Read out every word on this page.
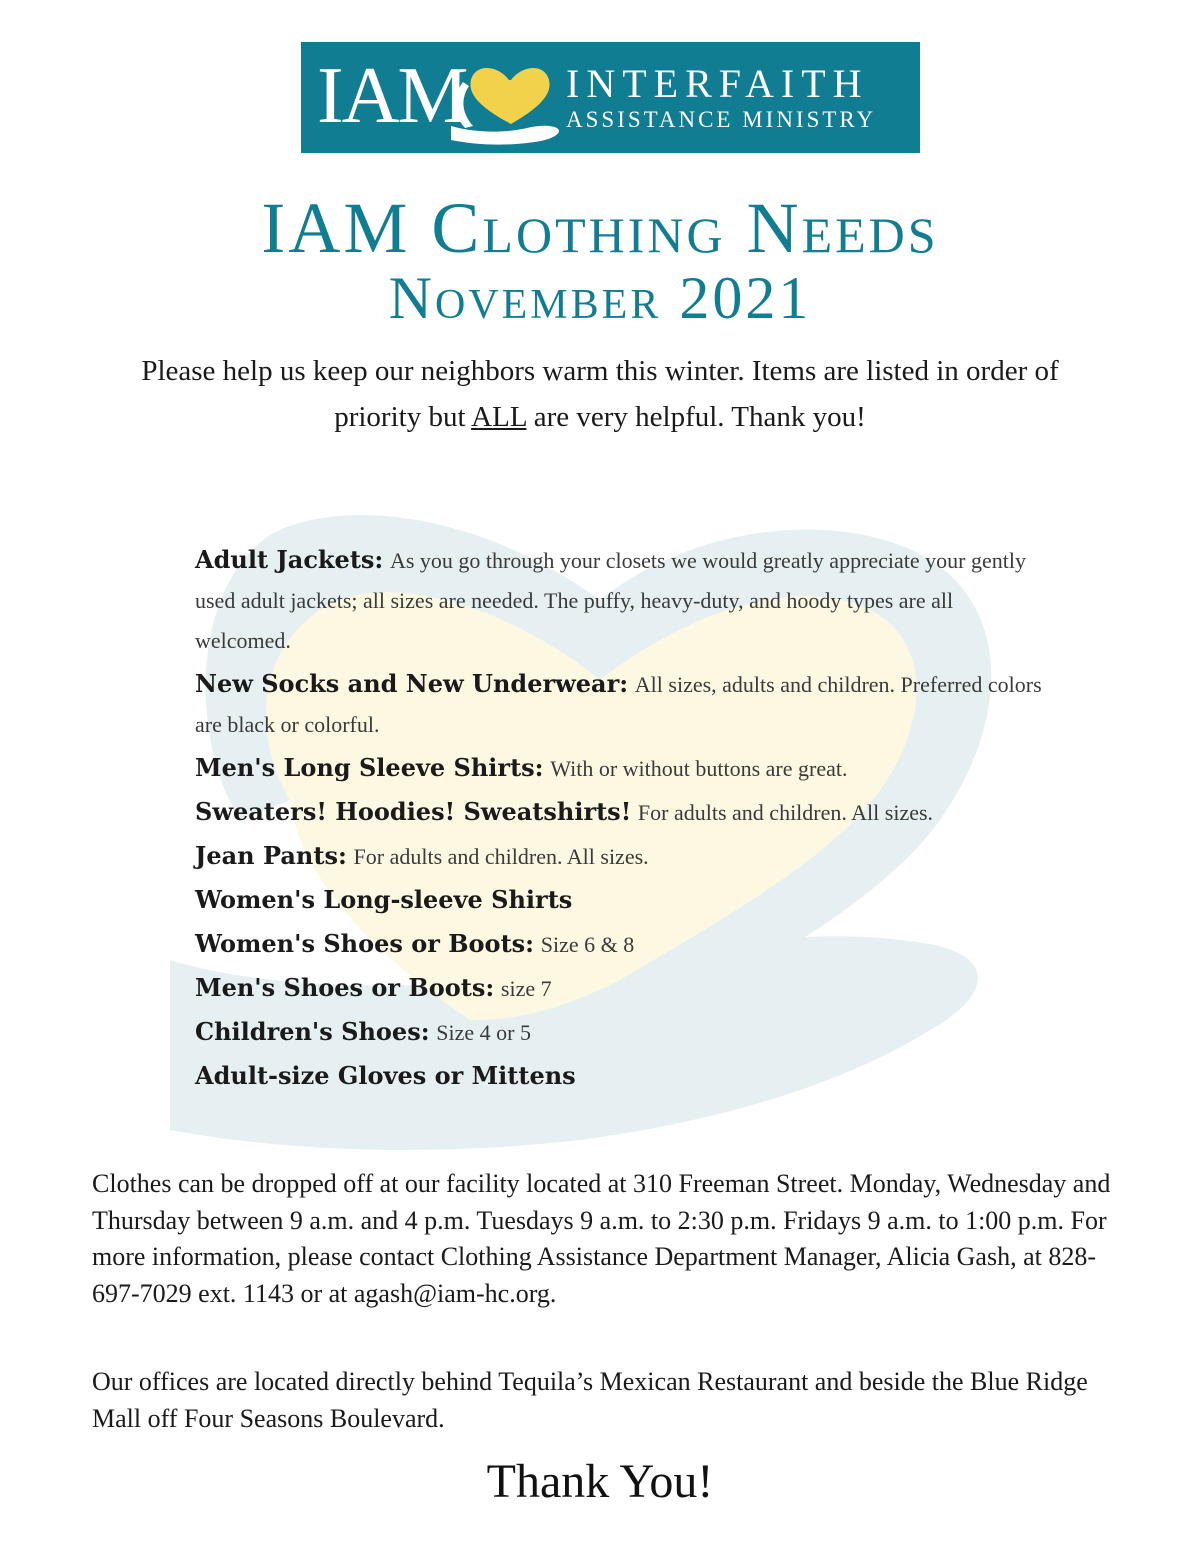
IAM INTERFAITH
ASSISTANCE MINISTRY
IAM Clothing Needs
November 2021

Please help us keep our neighbors warm this winter. Items are listed in order of priority but ALL are very helpful. Thank you!

Adult Jackets: As you go through your closets we would greatly appreciate your gently used adult jackets; all sizes are needed. The puffy, heavy-duty, and hoody types are all welcomed.
New Socks and New Underwear: All sizes, adults and children. Preferred colors are black or colorful.
Men's Long Sleeve Shirts: With or without buttons are great.
Sweaters! Hoodies! Sweatshirts! For adults and children. All sizes.
Jean Pants: For adults and children. All sizes.
Women's Long-sleeve Shirts
Women's Shoes or Boots: Size 6 & 8
Men's Shoes or Boots: size 7
Children's Shoes: Size 4 or 5
Adult-size Gloves or Mittens

Clothes can be dropped off at our facility located at 310 Freeman Street. Monday, Wednesday and Thursday between 9 a.m. and 4 p.m. Tuesdays 9 a.m. to 2:30 p.m. Fridays 9 a.m. to 1:00 p.m. For more information, please contact Clothing Assistance Department Manager, Alicia Gash, at 828-697-7029 ext. 1143 or at agash@iam-hc.org.

Our offices are located directly behind Tequila’s Mexican Restaurant and beside the Blue Ridge Mall off Four Seasons Boulevard.

Thank You!
